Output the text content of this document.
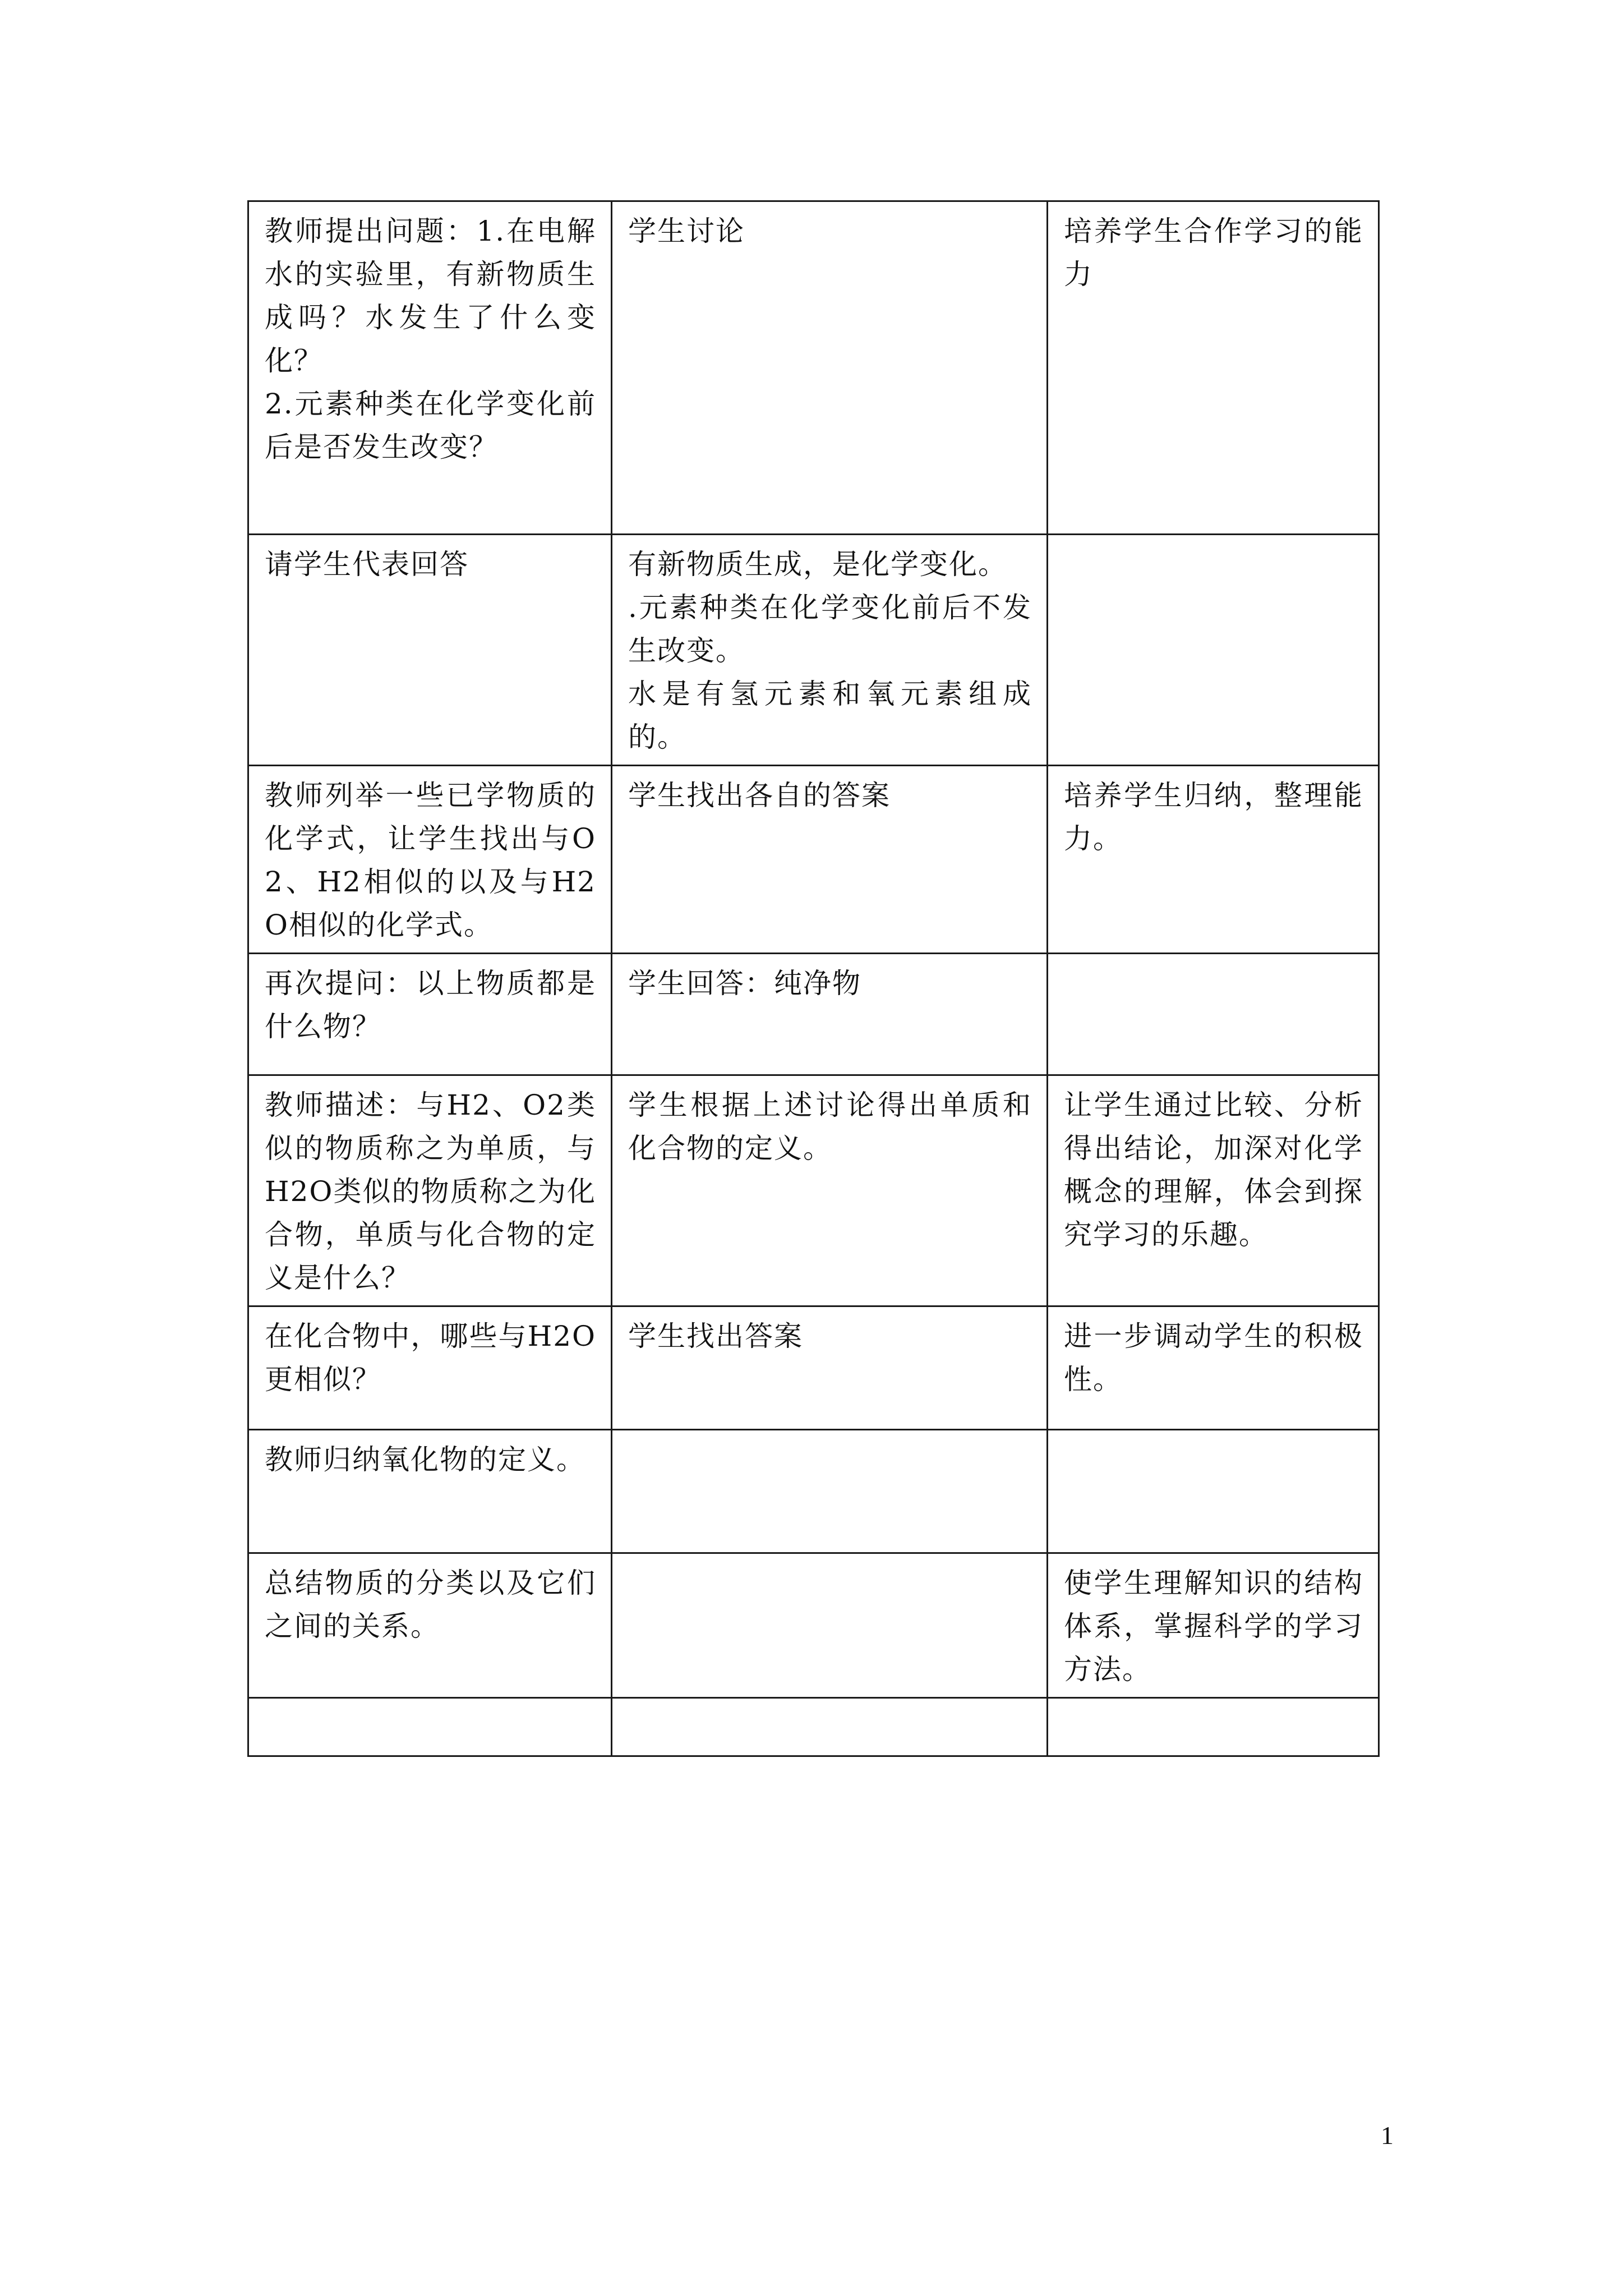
教师提出问题：1.在电解水的实验里，有新物质生成吗？水发生了什么变化？
2.元素种类在化学变化前后是否发生改变？	学生讨论	培养学生合作学习的能力

请学生代表回答	有新物质生成，是化学变化。
.元素种类在化学变化前后不发生改变。
水是有氢元素和氧元素组成的。	

教师列举一些已学物质的化学式，让学生找出与O2、H2相似的以及与H2O相似的化学式。	学生找出各自的答案	培养学生归纳，整理能力。

再次提问：以上物质都是什么物？	学生回答：纯净物	

教师描述：与H2、O2类似的物质称之为单质，与H2O类似的物质称之为化合物，单质与化合物的定义是什么？	学生根据上述讨论得出单质和化合物的定义。	让学生通过比较、分析得出结论，加深对化学概念的理解，体会到探究学习的乐趣。

在化合物中，哪些与H2O更相似？	学生找出答案	进一步调动学生的积极性。

教师归纳氧化物的定义。		

总结物质的分类以及它们之间的关系。		使学生理解知识的结构体系，掌握科学的学习方法。

1
